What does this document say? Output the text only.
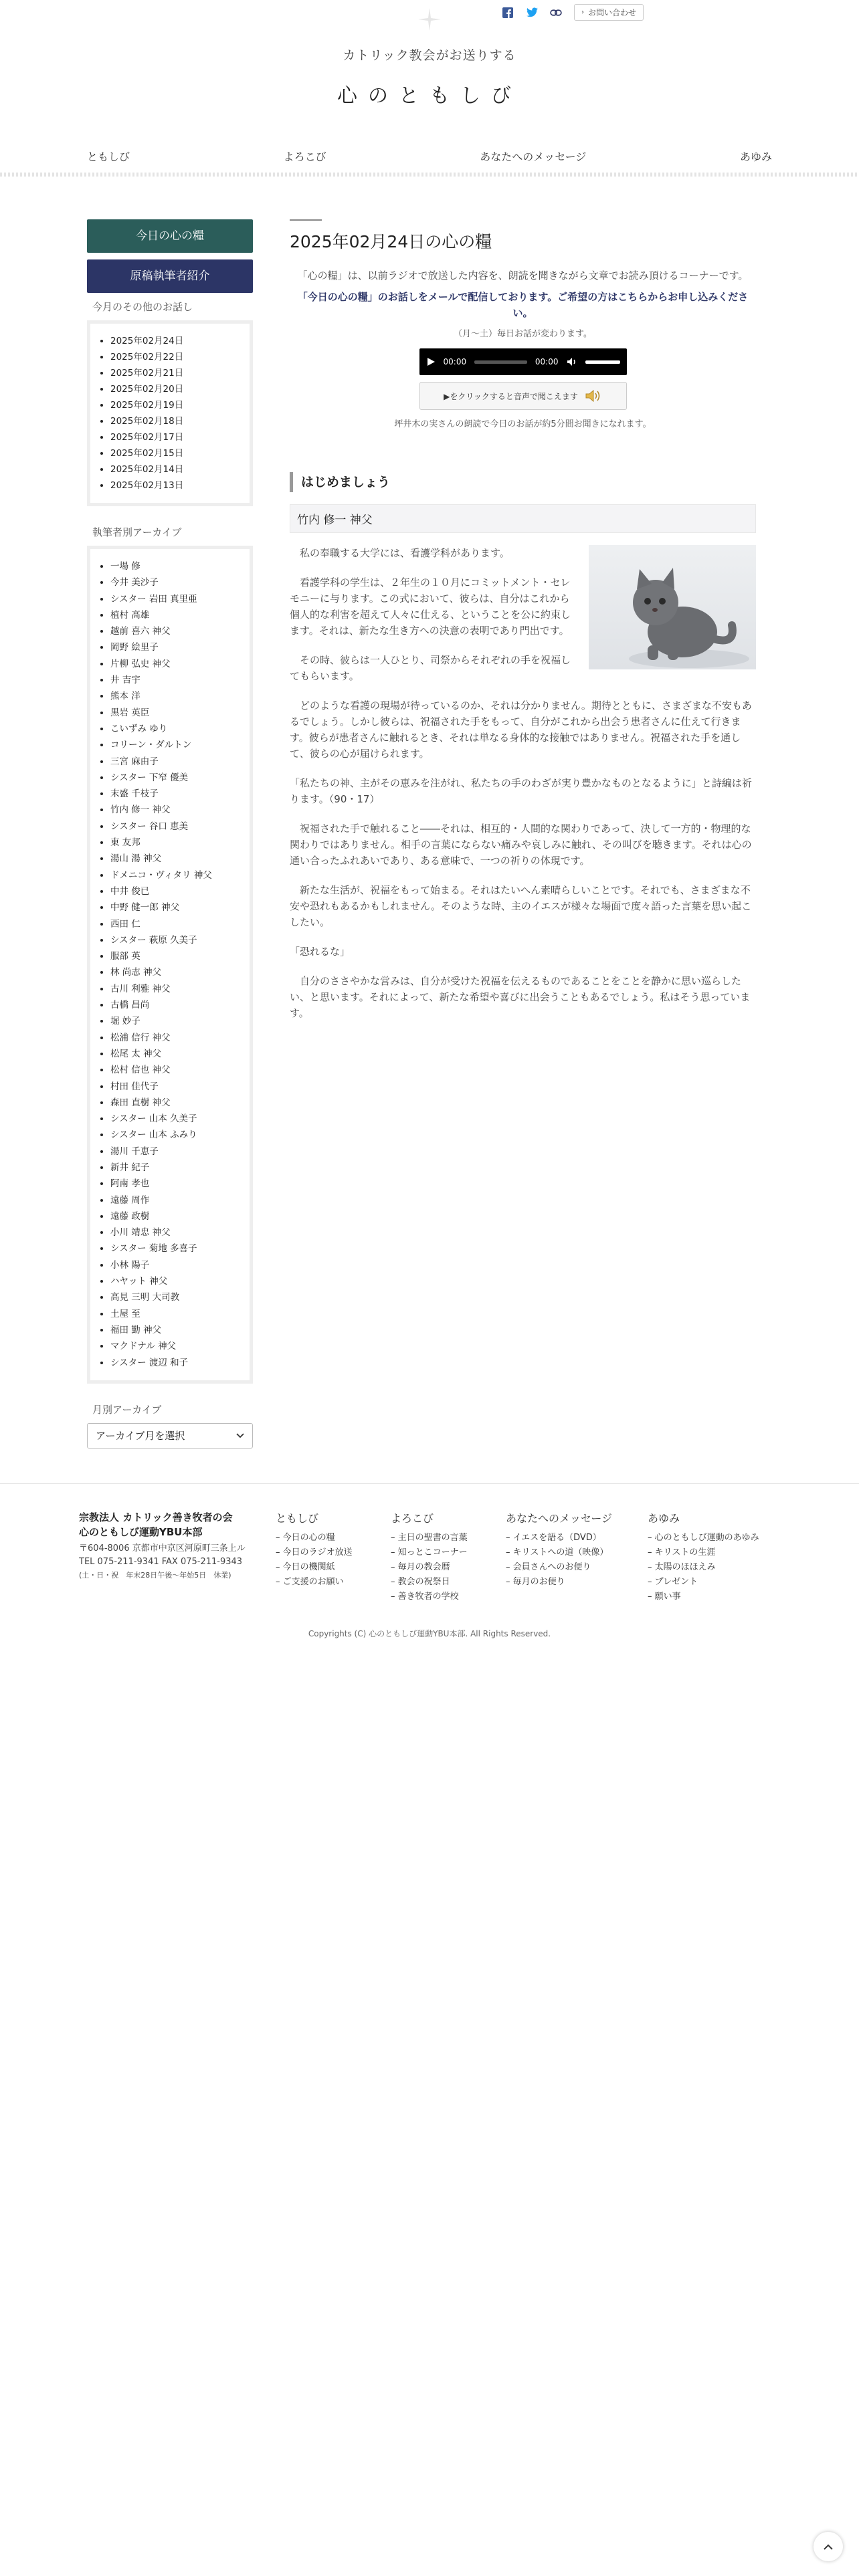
› お問い合わせ
カトリック教会がお送りする
心のともしび
ともしび	よろこび	あなたへのメッセージ	あゆみ
今日の心の糧
原稿執筆者紹介
今月のその他のお話し
• 2025年02月24日
• 2025年02月22日
• 2025年02月21日
• 2025年02月20日
• 2025年02月19日
• 2025年02月18日
• 2025年02月17日
• 2025年02月15日
• 2025年02月14日
• 2025年02月13日
執筆者別アーカイブ
• 一場 修
• 今井 美沙子
• シスター 岩田 真里亜
• 植村 高雄
• 越前 喜六 神父
• 岡野 絵里子
• 片柳 弘史 神父
• 井 吉宇
• 熊本 洋
• 黒岩 英臣
• こいずみ ゆり
• コリーン・ダルトン
• 三宮 麻由子
• シスター 下窄 優美
• 末盛 千枝子
• 竹内 修一 神父
• シスター 谷口 恵美
• 東 友邦
• 湯山 湯 神父
• ドメニコ・ヴィタリ 神父
• 中井 俊已
• 中野 健一郎 神父
• 西田 仁
• シスター 萩原 久美子
• 服部 英
• 林 尚志 神父
• 古川 利雅 神父
• 古橋 昌尚
• 堀 妙子
• 松浦 信行 神父
• 松尾 太 神父
• 松村 信也 神父
• 村田 佳代子
• 森田 直樹 神父
• シスター 山本 久美子
• シスター 山本 ふみり
• 湯川 千恵子
• 新井 紀子
• 阿南 孝也
• 遠藤 周作
• 遠藤 政樹
• 小川 靖忠 神父
• シスター 菊地 多喜子
• 小林 陽子
• ハヤット 神父
• 高見 三明 大司教
• 土屋 至
• 福田 勤 神父
• マクドナル 神父
• シスター 渡辺 和子
月別アーカイブ
アーカイブ月を選択
2025年02月24日の心の糧

「心の糧」は、以前ラジオで放送した内容を、朗読を聞きながら文章でお読み頂けるコーナーです。

「今日の心の糧」のお話しをメールで配信しております。ご希望の方はこちらからお申し込みください。

（月～土）毎日お話が変わります。

00:00	00:00
▶をクリックすると音声で聞こえます

坪井木の実さんの朗読で今日のお話が約5分間お聞きになれます。

はじめましょう
竹内 修一 神父

私の奉職する大学には、看護学科があります。

看護学科の学生は、２年生の１０月にコミットメント・セレモニーに与ります。この式において、彼らは、自分はこれから個人的な利害を超えて人々に仕える、ということを公に約束します。それは、新たな生き方への決意の表明であり門出です。

その時、彼らは一人ひとり、司祭からそれぞれの手を祝福してもらいます。

どのような看護の現場が待っているのか、それは分かりません。期待とともに、さまざまな不安もあるでしょう。しかし彼らは、祝福された手をもって、自分がこれから出会う患者さんに仕えて行きます。彼らが患者さんに触れるとき、それは単なる身体的な接触ではありません。祝福された手を通して、彼らの心が届けられます。

「私たちの神、主がその恵みを注がれ、私たちの手のわざが実り豊かなものとなるように」と詩編は祈ります。（90・17）

祝福された手で触れること――それは、相互的・人間的な関わりであって、決して一方的・物理的な関わりではありません。相手の言葉にならない痛みや哀しみに触れ、その叫びを聴きます。それは心の通い合ったふれあいであり、ある意味で、一つの祈りの体現です。

新たな生活が、祝福をもって始まる。それはたいへん素晴らしいことです。それでも、さまざまな不安や恐れもあるかもしれません。そのような時、主のイエスが様々な場面で度々語った言葉を思い起こしたい。

「恐れるな」

自分のささやかな営みは、自分が受けた祝福を伝えるものであることをことを静かに思い巡らしたい、と思います。それによって、新たな希望や喜びに出会うこともあるでしょう。私はそう思っています。

宗教法人 カトリック善き牧者の会
心のともしび運動YBU本部
〒604-8006 京都市中京区河原町三条上ル
TEL 075-211-9341 FAX 075-211-9343
(土・日・祝　年末28日午後〜年始5日　休業)
ともしび
– 今日の心の糧
– 今日のラジオ放送
– 今日の機関紙
– ご支援のお願い
よろこび
– 主日の聖書の言葉
– 知っとこコーナー
– 毎月の教会暦
– 教会の祝祭日
– 善き牧者の学校
あなたへのメッセージ
– イエスを語る（DVD）
– キリストへの道（映像）
– 会員さんへのお便り
– 毎月のお便り
あゆみ
– 心のともしび運動のあゆみ
– キリストの生涯
– 太陽のほほえみ
– プレゼント
– 願い事
Copyrights (C) 心のともしび運動YBU本部. All Rights Reserved.
